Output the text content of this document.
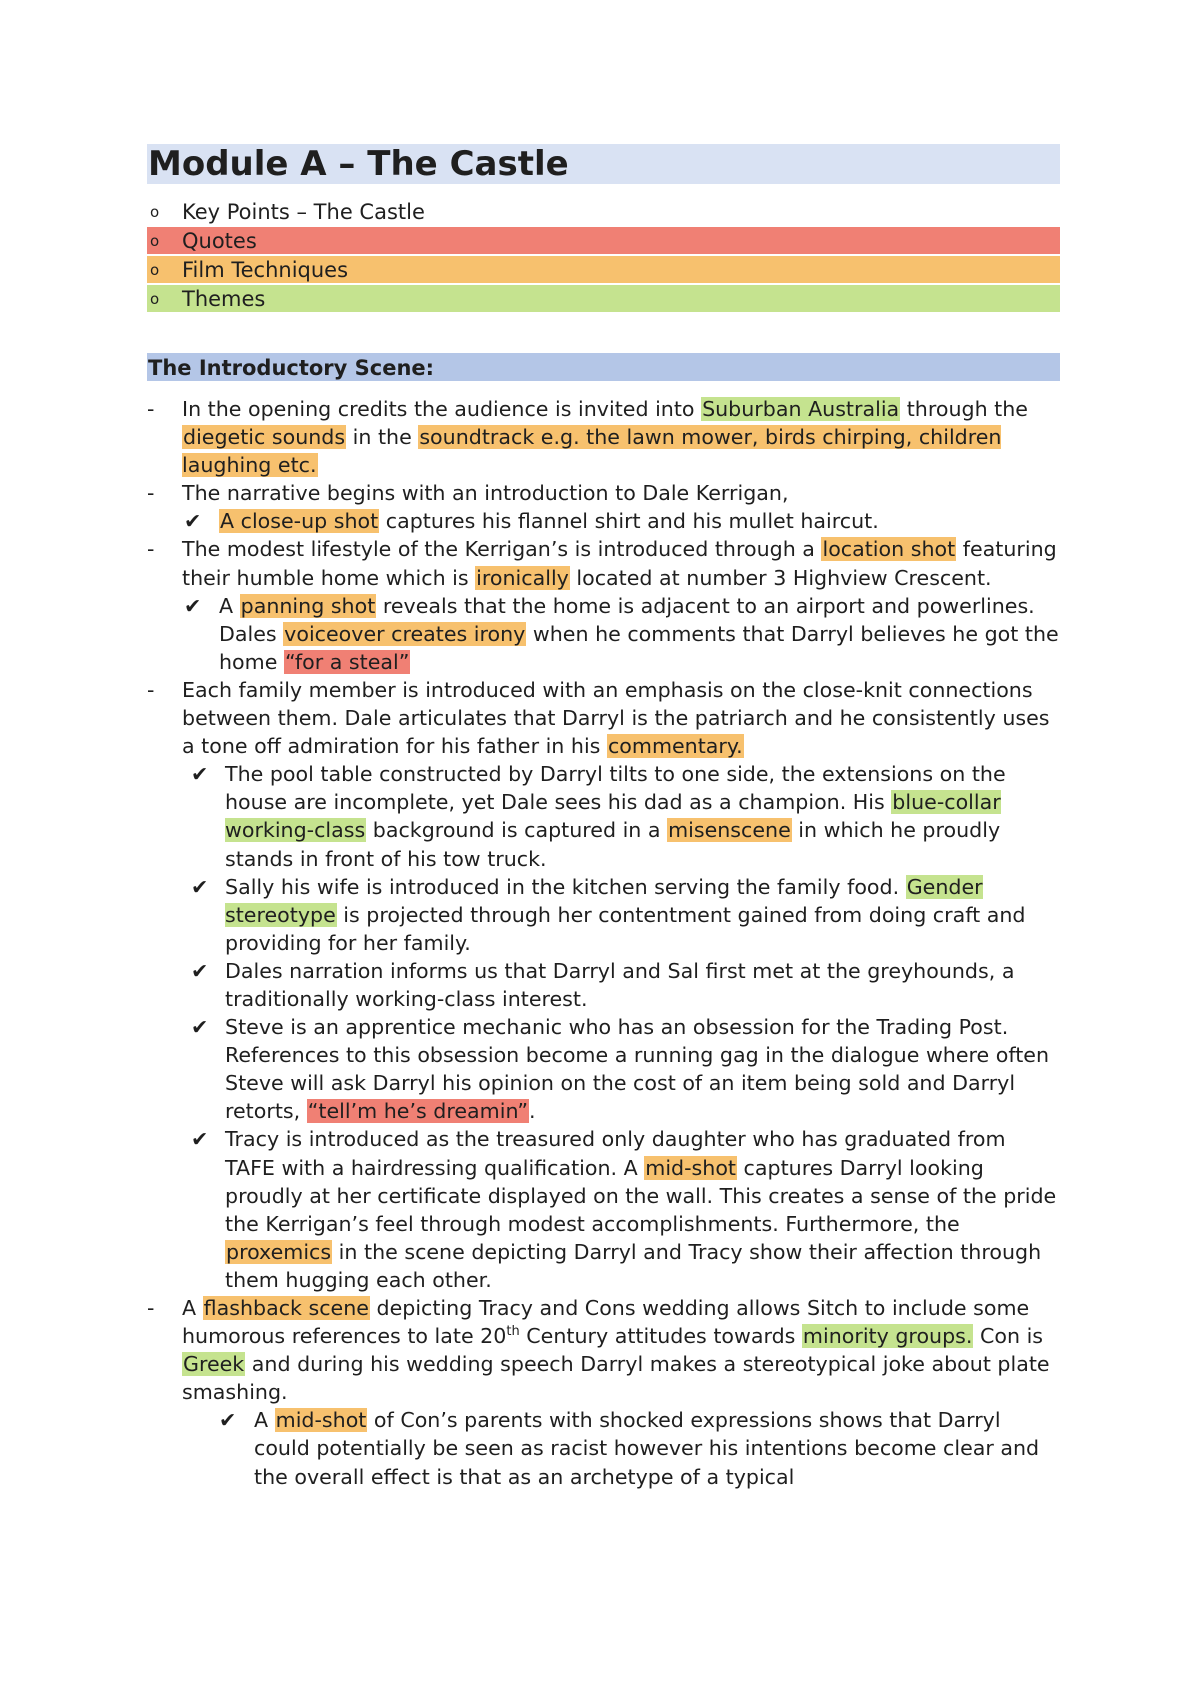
Module A – The Castle
o Key Points – The Castle
o Quotes
o Film Techniques
o Themes
The Introductory Scene:
- In the opening credits the audience is invited into Suburban Australia through the diegetic sounds in the soundtrack e.g. the lawn mower, birds chirping, children laughing etc.
- The narrative begins with an introduction to Dale Kerrigan,
✔ A close-up shot captures his flannel shirt and his mullet haircut.
- The modest lifestyle of the Kerrigan’s is introduced through a location shot featuring their humble home which is ironically located at number 3 Highview Crescent.
✔ A panning shot reveals that the home is adjacent to an airport and powerlines. Dales voiceover creates irony when he comments that Darryl believes he got the home “for a steal”
- Each family member is introduced with an emphasis on the close-knit connections between them. Dale articulates that Darryl is the patriarch and he consistently uses a tone off admiration for his father in his commentary.
✔ The pool table constructed by Darryl tilts to one side, the extensions on the house are incomplete, yet Dale sees his dad as a champion. His blue-collar working-class background is captured in a misenscene in which he proudly stands in front of his tow truck.
✔ Sally his wife is introduced in the kitchen serving the family food. Gender stereotype is projected through her contentment gained from doing craft and providing for her family.
✔ Dales narration informs us that Darryl and Sal first met at the greyhounds, a traditionally working-class interest.
✔ Steve is an apprentice mechanic who has an obsession for the Trading Post. References to this obsession become a running gag in the dialogue where often Steve will ask Darryl his opinion on the cost of an item being sold and Darryl retorts, “tell’m he’s dreamin”.
✔ Tracy is introduced as the treasured only daughter who has graduated from TAFE with a hairdressing qualification. A mid-shot captures Darryl looking proudly at her certificate displayed on the wall. This creates a sense of the pride the Kerrigan’s feel through modest accomplishments. Furthermore, the proxemics in the scene depicting Darryl and Tracy show their affection through them hugging each other.
- A flashback scene depicting Tracy and Cons wedding allows Sitch to include some humorous references to late 20th Century attitudes towards minority groups. Con is Greek and during his wedding speech Darryl makes a stereotypical joke about plate smashing.
✔ A mid-shot of Con’s parents with shocked expressions shows that Darryl could potentially be seen as racist however his intentions become clear and the overall effect is that as an archetype of a typical
